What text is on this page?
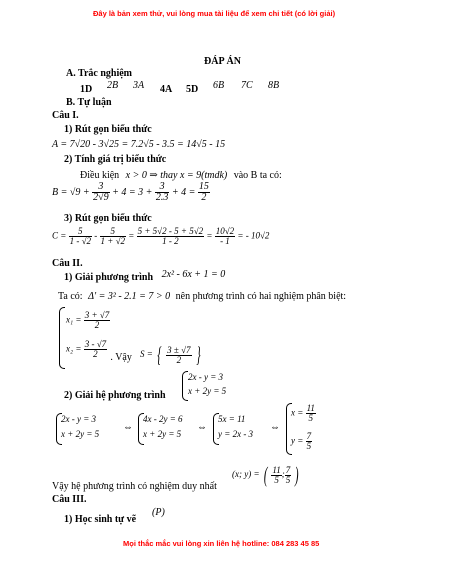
Đây là bản xem thử, vui lòng mua tài liệu để xem chi tiết (có lời giải)
ĐÁP ÁN
A. Trắc nghiệm
1D 2B 3A 4A 5D 6B 7C 8B
B. Tự luận
Câu I.
1) Rút gọn biểu thức
A = 7√20 - 3√25 = 7.2√5 - 3.5 = 14√5 - 15
2) Tính giá trị biểu thức
Điều kiện x > 0 ⇒ thay x = 9(tmdk) vào B ta có:
$B = √9 + \frac{3}{2√9} + 4 = 3 + \frac{3}{2.3} + 4 = \frac{15}{2}$
3) Rút gọn biểu thức
$C = \frac{5}{1 - √2} - \frac{5}{1 + √2} = \frac{5 + 5√2 - 5 + 5√2}{1 - 2} = \frac{10√2}{- 1}$ = - 10√2
Câu II.
1) Giải phương trình 2x² - 6x + 1 = 0
Ta có: Δ' = 3² - 2.1 = 7 > 0 nên phương trình có hai nghiệm phân biệt:
$x_1 = \frac{3 + √7}{2}$
$x_2 = \frac{3 - √7}{2}$ . Vậy S = { $\frac{3 \pm √7}{2}$ }
2x - y = 3
x + 2y = 5
2) Giải hệ phương trình
2x - y = 3
x + 2y = 5
⇔
4x - 2y = 6
x + 2y = 5
⇔
5x = 11
y = 2x - 3
⇔
$x = \frac{11}{5}$
$y = \frac{7}{5}$
(x; y) = ( $\frac{11}{5}$ ; $\frac{7}{5}$ )
Vậy hệ phương trình có nghiệm duy nhất
Câu III.
1) Học sinh tự vẽ
(P)
Mọi thắc mắc vui lòng xin liên hệ hotline: 084 283 45 85
